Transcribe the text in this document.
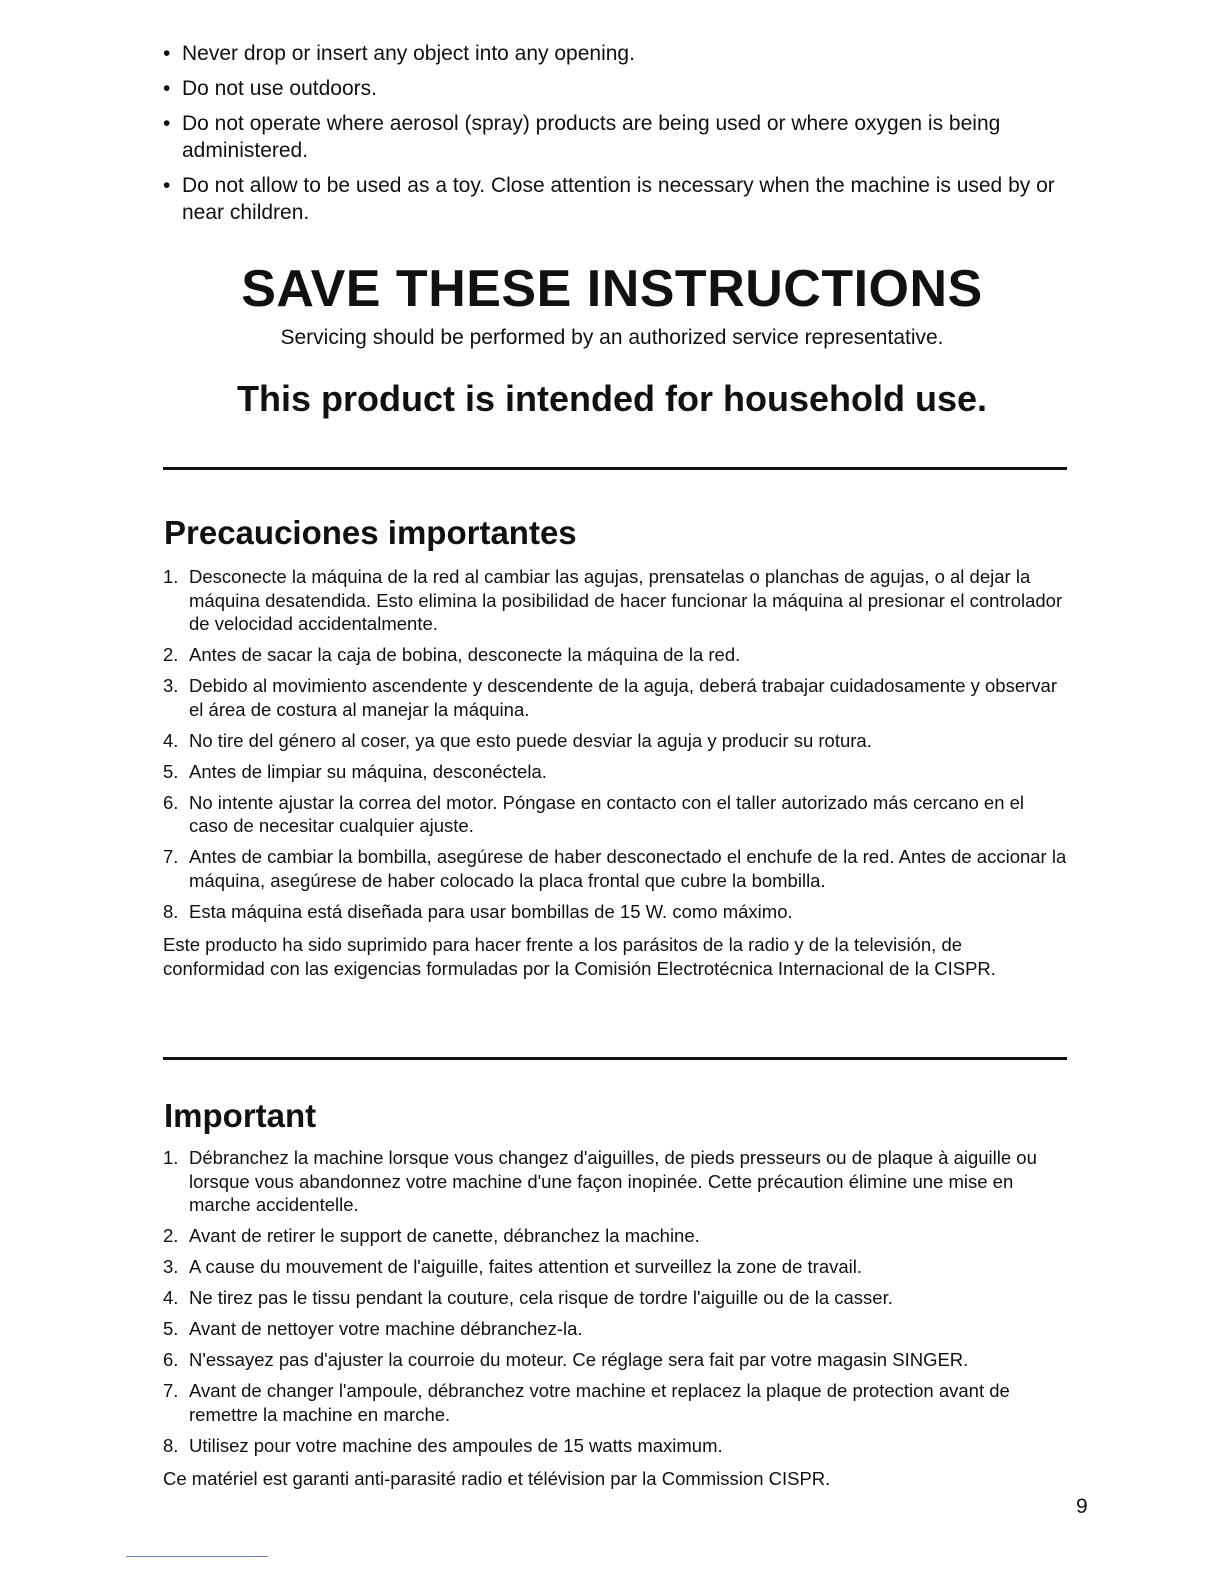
• Never drop or insert any object into any opening.
• Do not use outdoors.
• Do not operate where aerosol (spray) products are being used or where oxygen is being administered.
• Do not allow to be used as a toy. Close attention is necessary when the machine is used by or near children.
SAVE THESE INSTRUCTIONS

Servicing should be performed by an authorized service representative.

This product is intended for household use.
Precauciones importantes
1. Desconecte la máquina de la red al cambiar las agujas, prensatelas o planchas de agujas, o al dejar la máquina desatendida. Esto elimina la posibilidad de hacer funcionar la máquina al presionar el controlador de velocidad accidentalmente.
2. Antes de sacar la caja de bobina, desconecte la máquina de la red.
3. Debido al movimiento ascendente y descendente de la aguja, deberá trabajar cuidadosamente y observar el área de costura al manejar la máquina.
4. No tire del género al coser, ya que esto puede desviar la aguja y producir su rotura.
5. Antes de limpiar su máquina, desconéctela.
6. No intente ajustar la correa del motor. Póngase en contacto con el taller autorizado más cercano en el caso de necesitar cualquier ajuste.
7. Antes de cambiar la bombilla, asegúrese de haber desconectado el enchufe de la red. Antes de accionar la máquina, asegúrese de haber colocado la placa frontal que cubre la bombilla.
8. Esta máquina está diseñada para usar bombillas de 15 W. como máximo.

Este producto ha sido suprimido para hacer frente a los parásitos de la radio y de la televisión, de conformidad con las exigencias formuladas por la Comisión Electrotécnica Internacional de la CISPR.

Important
1. Débranchez la machine lorsque vous changez d'aiguilles, de pieds presseurs ou de plaque à aiguille ou lorsque vous abandonnez votre machine d'une façon inopinée. Cette précaution élimine une mise en marche accidentelle.
2. Avant de retirer le support de canette, débranchez la machine.
3. A cause du mouvement de l'aiguille, faites attention et surveillez la zone de travail.
4. Ne tirez pas le tissu pendant la couture, cela risque de tordre l'aiguille ou de la casser.
5. Avant de nettoyer votre machine débranchez-la.
6. N'essayez pas d'ajuster la courroie du moteur. Ce réglage sera fait par votre magasin SINGER.
7. Avant de changer l'ampoule, débranchez votre machine et replacez la plaque de protection avant de remettre la machine en marche.
8. Utilisez pour votre machine des ampoules de 15 watts maximum.

Ce matériel est garanti anti-parasité radio et télévision par la Commission CISPR.

9
